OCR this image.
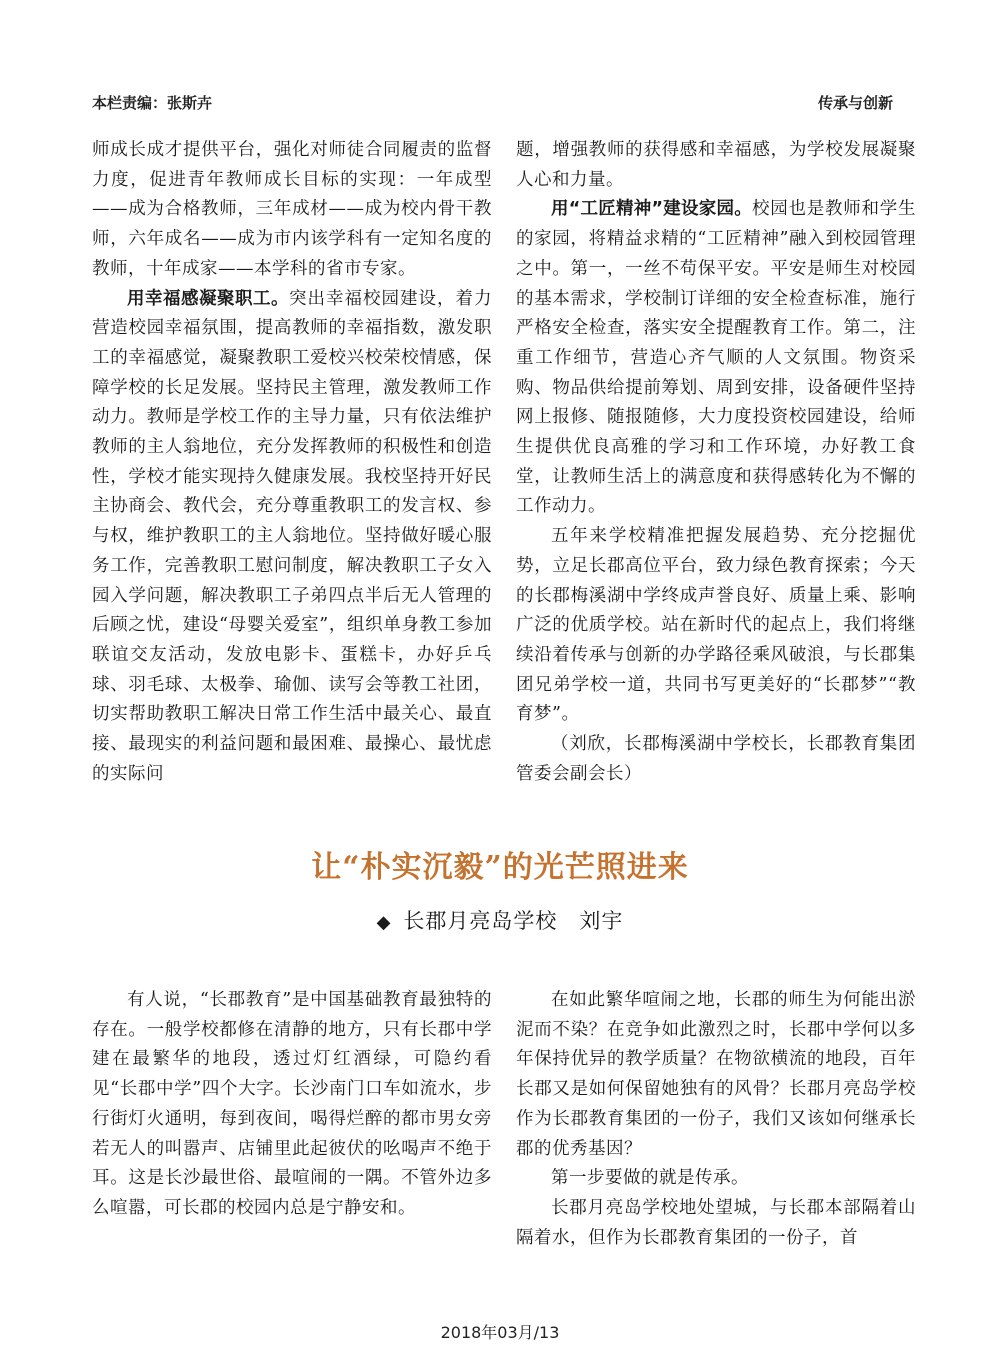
本栏责编：张斯卉	传承与创新

师成长成才提供平台，强化对师徒合同履责的监督力度，促进青年教师成长目标的实现：一年成型——成为合格教师，三年成材——成为校内骨干教师，六年成名——成为市内该学科有一定知名度的教师，十年成家——本学科的省市专家。

用幸福感凝聚职工。突出幸福校园建设，着力营造校园幸福氛围，提高教师的幸福指数，激发职工的幸福感觉，凝聚教职工爱校兴校荣校情感，保障学校的长足发展。坚持民主管理，激发教师工作动力。教师是学校工作的主导力量，只有依法维护教师的主人翁地位，充分发挥教师的积极性和创造性，学校才能实现持久健康发展。我校坚持开好民主协商会、教代会，充分尊重教职工的发言权、参与权，维护教职工的主人翁地位。坚持做好暖心服务工作，完善教职工慰问制度，解决教职工子女入园入学问题，解决教职工子弟四点半后无人管理的后顾之忧，建设“母婴关爱室”，组织单身教工参加联谊交友活动，发放电影卡、蛋糕卡，办好乒乓球、羽毛球、太极拳、瑜伽、读写会等教工社团，切实帮助教职工解决日常工作生活中最关心、最直接、最现实的利益问题和最困难、最操心、最忧虑的实际问

题，增强教师的获得感和幸福感，为学校发展凝聚人心和力量。

用“工匠精神”建设家园。校园也是教师和学生的家园，将精益求精的“工匠精神”融入到校园管理之中。第一，一丝不苟保平安。平安是师生对校园的基本需求，学校制订详细的安全检查标准，施行严格安全检查，落实安全提醒教育工作。第二，注重工作细节，营造心齐气顺的人文氛围。物资采购、物品供给提前筹划、周到安排，设备硬件坚持网上报修、随报随修，大力度投资校园建设，给师生提供优良高雅的学习和工作环境，办好教工食堂，让教师生活上的满意度和获得感转化为不懈的工作动力。

五年来学校精准把握发展趋势、充分挖掘优势，立足长郡高位平台，致力绿色教育探索；今天的长郡梅溪湖中学终成声誉良好、质量上乘、影响广泛的优质学校。站在新时代的起点上，我们将继续沿着传承与创新的办学路径乘风破浪，与长郡集团兄弟学校一道，共同书写更美好的“长郡梦”“教育梦”。

（刘欣，长郡梅溪湖中学校长，长郡教育集团管委会副会长）

让“朴实沉毅”的光芒照进来
◆ 长郡月亮岛学校　刘宇

有人说，“长郡教育”是中国基础教育最独特的存在。一般学校都修在清静的地方，只有长郡中学建在最繁华的地段，透过灯红酒绿，可隐约看见“长郡中学”四个大字。长沙南门口车如流水，步行街灯火通明，每到夜间，喝得烂醉的都市男女旁若无人的叫嚣声、店铺里此起彼伏的吆喝声不绝于耳。这是长沙最世俗、最喧闹的一隅。不管外边多么喧嚣，可长郡的校园内总是宁静安和。

在如此繁华喧闹之地，长郡的师生为何能出淤泥而不染？在竞争如此激烈之时，长郡中学何以多年保持优异的教学质量？在物欲横流的地段，百年长郡又是如何保留她独有的风骨？长郡月亮岛学校作为长郡教育集团的一份子，我们又该如何继承长郡的优秀基因？

第一步要做的就是传承。

长郡月亮岛学校地处望城，与长郡本部隔着山隔着水，但作为长郡教育集团的一份子，首

2018年03月/13
